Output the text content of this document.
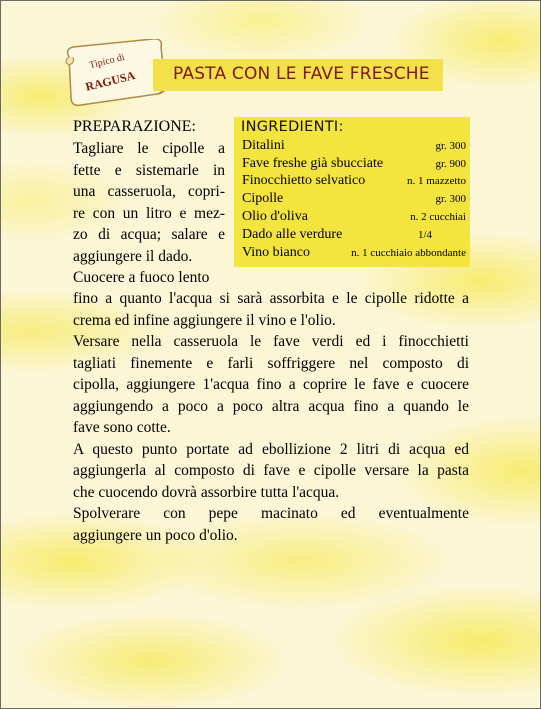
Tipico di
RAGUSA PASTA CON LE FAVE FRESCHE
INGREDIENTI:
Ditalini	gr. 300
Fave freshe già sbucciate	gr. 900
Finocchietto selvatico	n. 1 mazzetto
Cipolle	gr. 300
Olio d'oliva	n. 2 cucchiai
Dado alle verdure	1/4
Vino bianco	n. 1 cucchiaio abbondante
PREPARAZIONE:
Tagliare le cipolle a
fette e sistemarle in
una casseruola, copri-
re con un litro e mez-
zo di acqua; salare e
aggiungere il dado.
Cuocere a fuoco lento
fino a quanto l'acqua si sarà assorbita e le cipolle ridotte a
crema ed infine aggiungere il vino e l'olio.
Versare nella casseruola le fave verdi ed i finocchietti
tagliati finemente e farli soffriggere nel composto di
cipolla, aggiungere 1'acqua fino a coprire le fave e cuocere
aggiungendo a poco a poco altra acqua fino a quando le
fave sono cotte.
A questo punto portate ad ebollizione 2 litri di acqua ed
aggiungerla al composto di fave e cipolle versare la pasta
che cuocendo dovrà assorbire tutta l'acqua.
Spolverare con pepe macinato ed eventualmente
aggiungere un poco d'olio.
